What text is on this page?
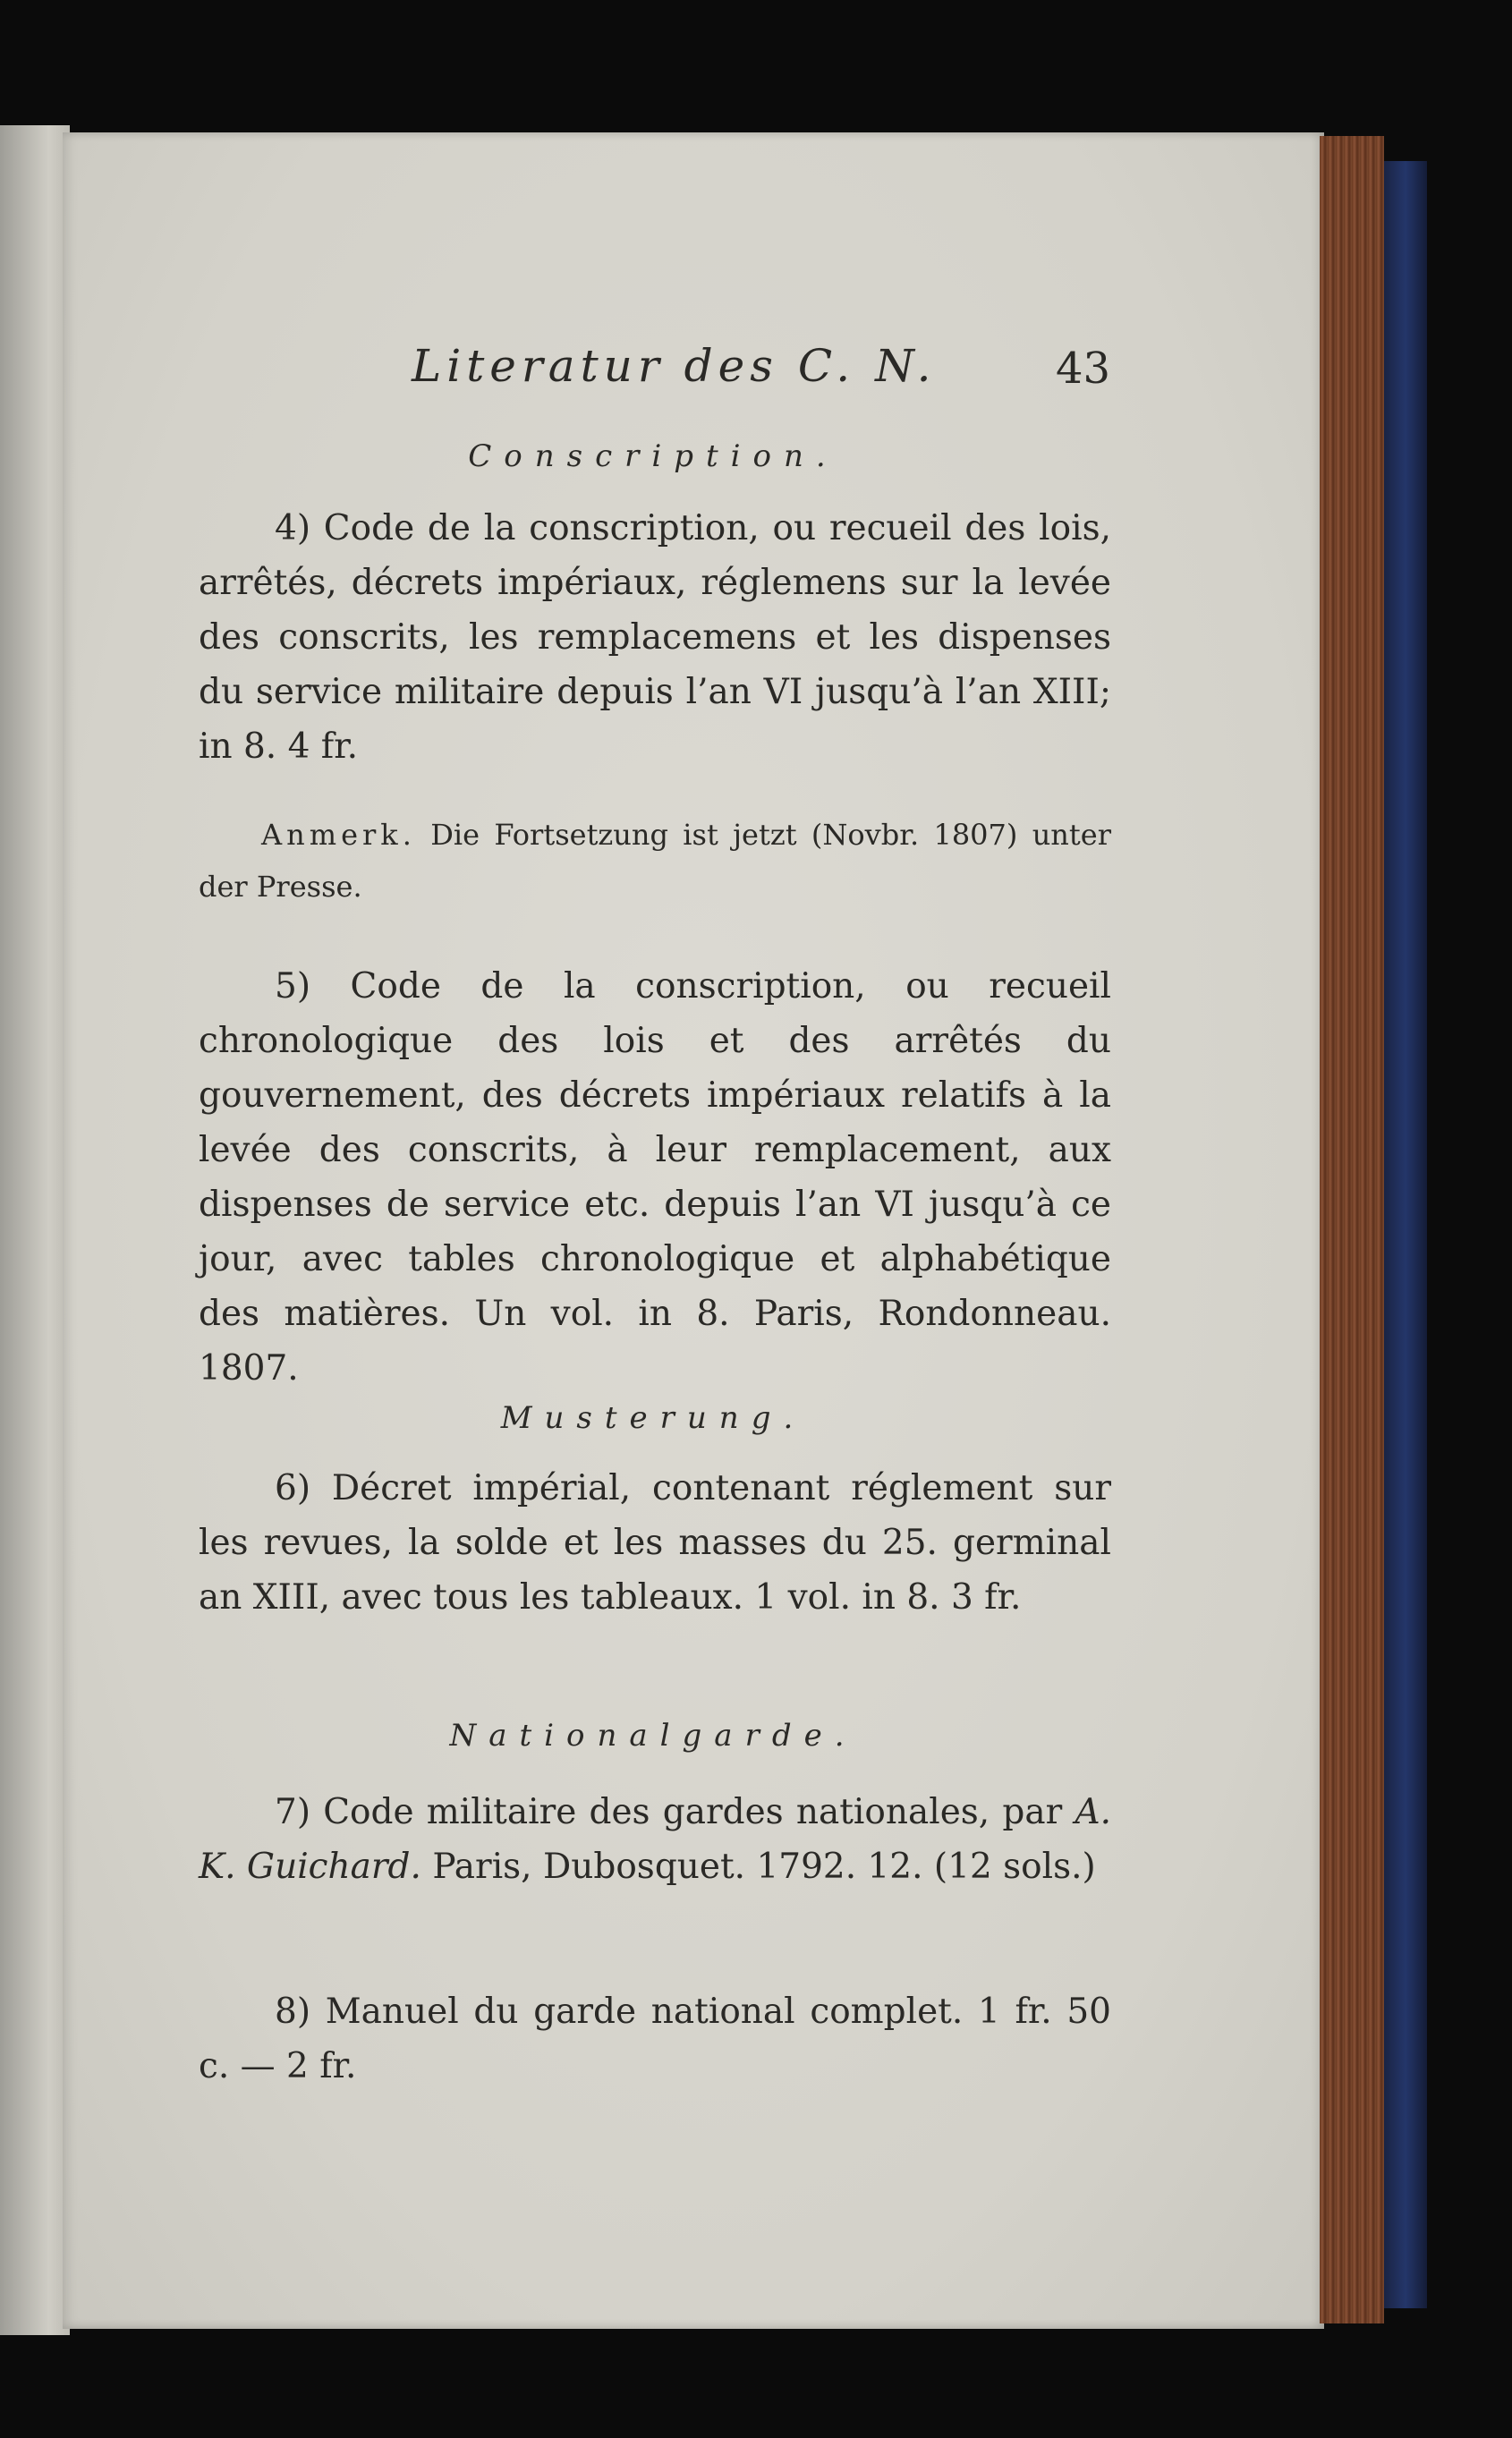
Literatur des C. N.	43
Conscription.

4) Code de la conscription, ou recueil des lois, arrêtés, décrets impériaux, réglemens sur la levée des conscrits, les remplacemens et les dispenses du service militaire depuis l’an VI jusqu’à l’an XIII; in 8. 4 fr.

Anmerk. Die Fortsetzung ist jetzt (Novbr. 1807) unter der Presse.

5) Code de la conscription, ou recueil chronologique des lois et des arrêtés du gouvernement, des décrets impériaux relatifs à la levée des conscrits, à leur remplacement, aux dispenses de service etc. depuis l’an VI jusqu’à ce jour, avec tables chronologique et alphabétique des matières. Un vol. in 8. Paris, Rondonneau. 1807.

Musterung.

6) Décret impérial, contenant réglement sur les revues, la solde et les masses du 25. germinal an XIII, avec tous les tableaux. 1 vol. in 8. 3 fr.

Nationalgarde.

7) Code militaire des gardes nationales, par A. K. Guichard. Paris, Dubosquet. 1792. 12. (12 sols.)

8) Manuel du garde national complet. 1 fr. 50 c. — 2 fr.
